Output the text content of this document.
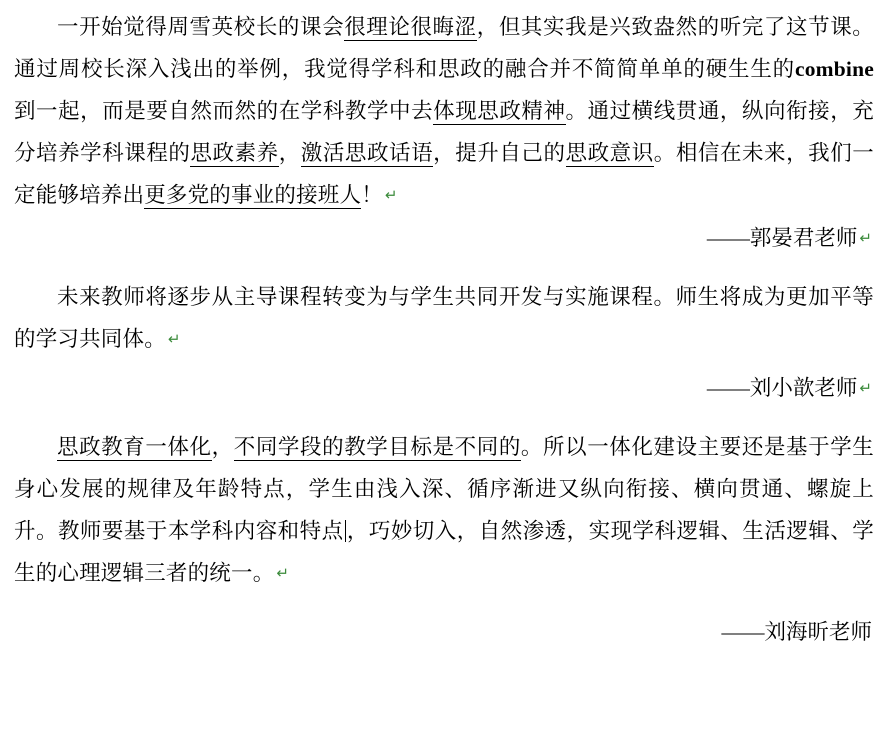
一开始觉得周雪英校长的课会很理论很晦涩，但其实我是兴致盎然的听完了这节课。通过周校长深入浅出的举例，我觉得学科和思政的融合并不简简单单的硬生生的combine 到一起，而是要自然而然的在学科教学中去体现思政精神。通过横线贯通，纵向衔接，充分培养学科课程的思政素养，激活思政话语，提升自己的思政意识。相信在未来，我们一定能够培养出更多党的事业的接班人！ ↵

——郭晏君老师 ↵

未来教师将逐步从主导课程转变为与学生共同开发与实施课程。师生将成为更加平等的学习共同体。 ↵

——刘小歆老师 ↵

思政教育一体化，不同学段的教学目标是不同的。所以一体化建设主要还是基于学生身心发展的规律及年龄特点，学生由浅入深、循序渐进又纵向衔接、横向贯通、螺旋上升。教师要基于本学科内容和特点 ，巧妙切入，自然渗透，实现学科逻辑、生活逻辑、学生的心理逻辑三者的统一。 ↵

——刘海昕老师
